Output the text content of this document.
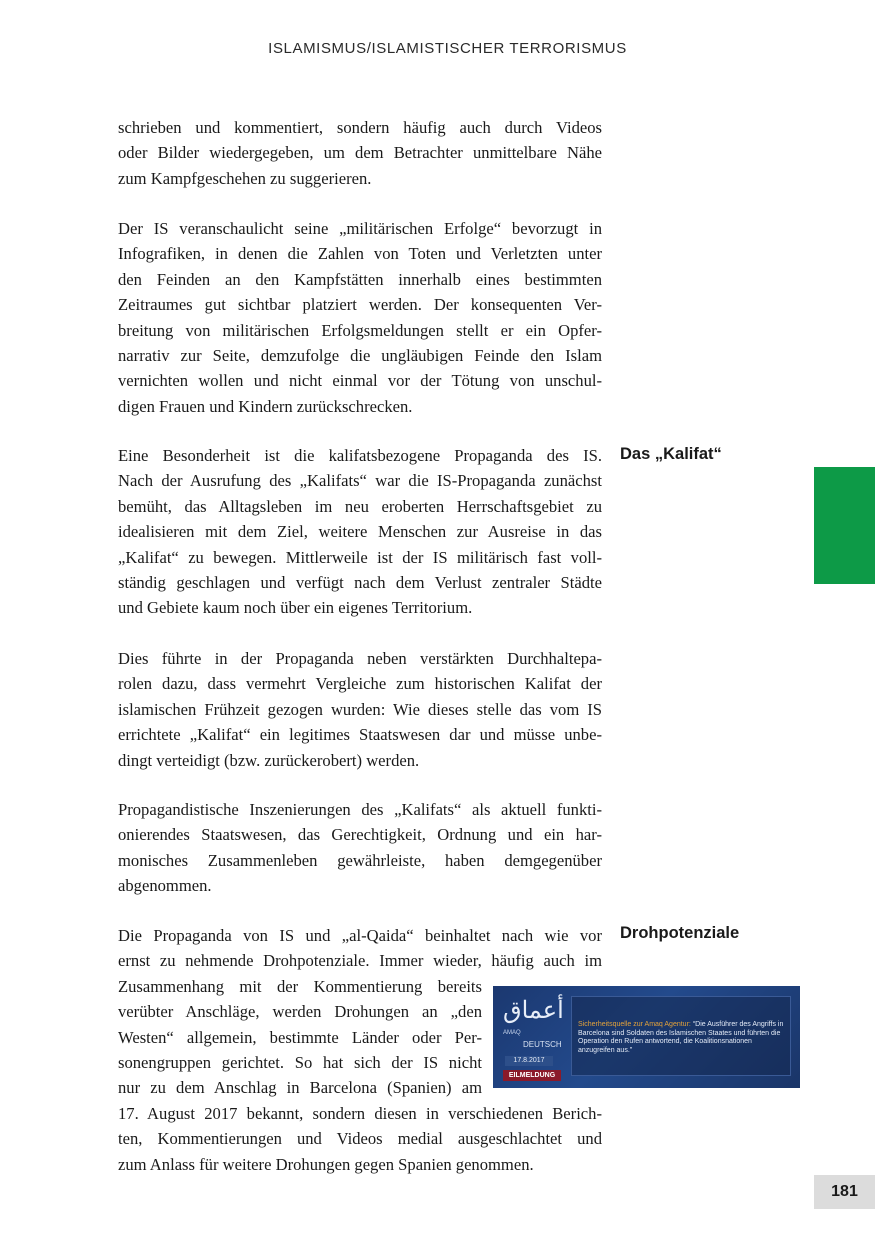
ISLAMISMUS/ISLAMISTISCHER TERRORISMUS
schrieben und kommentiert, sondern häufig auch durch Videos
oder Bilder wiedergegeben, um dem Betrachter unmittelbare Nähe
zum Kampfgeschehen zu suggerieren.
Der IS veranschaulicht seine „militärischen Erfolge“ bevorzugt in
Infografiken, in denen die Zahlen von Toten und Verletzten unter
den Feinden an den Kampfstätten innerhalb eines bestimmten
Zeitraumes gut sichtbar platziert werden. Der konsequenten Ver-
breitung von militärischen Erfolgsmeldungen stellt er ein Opfer-
narrativ zur Seite, demzufolge die ungläubigen Feinde den Islam
vernichten wollen und nicht einmal vor der Tötung von unschul-
digen Frauen und Kindern zurückschrecken.
Eine Besonderheit ist die kalifatsbezogene Propaganda des IS.
Nach der Ausrufung des „Kalifats“ war die IS-Propaganda zunächst
bemüht, das Alltagsleben im neu eroberten Herrschaftsgebiet zu
idealisieren mit dem Ziel, weitere Menschen zur Ausreise in das
„Kalifat“ zu bewegen. Mittlerweile ist der IS militärisch fast voll-
ständig geschlagen und verfügt nach dem Verlust zentraler Städte
und Gebiete kaum noch über ein eigenes Territorium.
Dies führte in der Propaganda neben verstärkten Durchhaltepa-
rolen dazu, dass vermehrt Vergleiche zum historischen Kalifat der
islamischen Frühzeit gezogen wurden: Wie dieses stelle das vom IS
errichtete „Kalifat“ ein legitimes Staatswesen dar und müsse unbe-
dingt verteidigt (bzw. zurückerobert) werden.
Propagandistische Inszenierungen des „Kalifats“ als aktuell funkti-
onierendes Staatswesen, das Gerechtigkeit, Ordnung und ein har-
monisches Zusammenleben gewährleiste, haben demgegenüber
abgenommen.
Die Propaganda von IS und „al-Qaida“ beinhaltet nach wie vor
ernst zu nehmende Drohpotenziale. Immer wieder, häufig auch im
Zusammenhang mit der Kommentierung bereits
verübter Anschläge, werden Drohungen an „den
Westen“ allgemein, bestimmte Länder oder Per-
sonengruppen gerichtet. So hat sich der IS nicht
nur zu dem Anschlag in Barcelona (Spanien) am
17. August 2017 bekannt, sondern diesen in verschiedenen Berich-
ten, Kommentierungen und Videos medial ausgeschlachtet und
zum Anlass für weitere Drohungen gegen Spanien genommen.
Das „Kalifat“
Drohpotenziale
181
أعماق
AMAQ
DEUTSCH
17.8.2017
EILMELDUNG
Sicherheitsquelle zur Amaq Agentur: “Die Ausführer des Angriffs in Barcelona sind Soldaten des Islamischen Staates und führten die Operation den Rufen antwortend, die Koalitionsnationen anzugreifen aus.”
